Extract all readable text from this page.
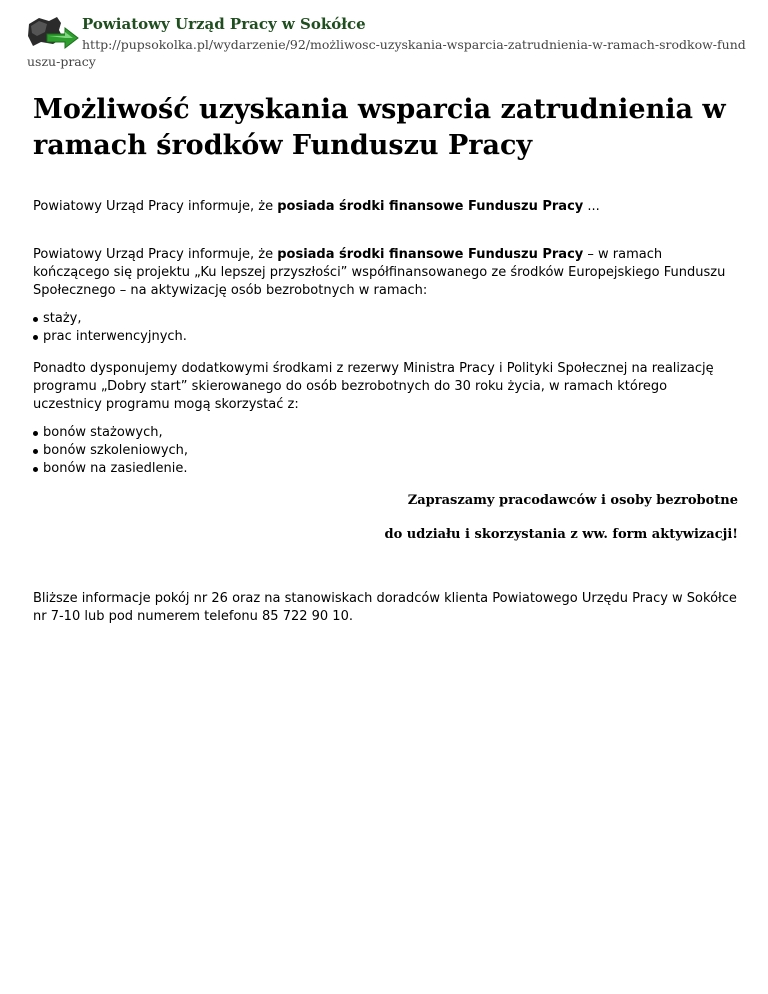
Powiatowy Urząd Pracy w Sokółce
http://pupsokolka.pl/wydarzenie/92/możliwosc-uzyskania-wsparcia-zatrudnienia-w-ramach-srodkow-funduszu-pracy
Możliwość uzyskania wsparcia zatrudnienia w ramach środków Funduszu Pracy

Powiatowy Urząd Pracy informuje, że posiada środki finansowe Funduszu Pracy ...

Powiatowy Urząd Pracy informuje, że posiada środki finansowe Funduszu Pracy – w ramach kończącego się projektu „Ku lepszej przyszłości” współfinansowanego ze środków Europejskiego Funduszu Społecznego – na aktywizację osób bezrobotnych w ramach:

staży,
prac interwencyjnych.

Ponadto dysponujemy dodatkowymi środkami z rezerwy Ministra Pracy i Polityki Społecznej na realizację programu „Dobry start” skierowanego do osób bezrobotnych do 30 roku życia, w ramach którego uczestnicy programu mogą skorzystać z:

bonów stażowych,
bonów szkoleniowych,
bonów na zasiedlenie.

Zapraszamy pracodawców i osoby bezrobotne

do udziału i skorzystania z ww. form aktywizacji!

Bliższe informacje pokój nr 26 oraz na stanowiskach doradców klienta Powiatowego Urzędu Pracy w Sokółce nr 7-10 lub pod numerem telefonu 85 722 90 10.
